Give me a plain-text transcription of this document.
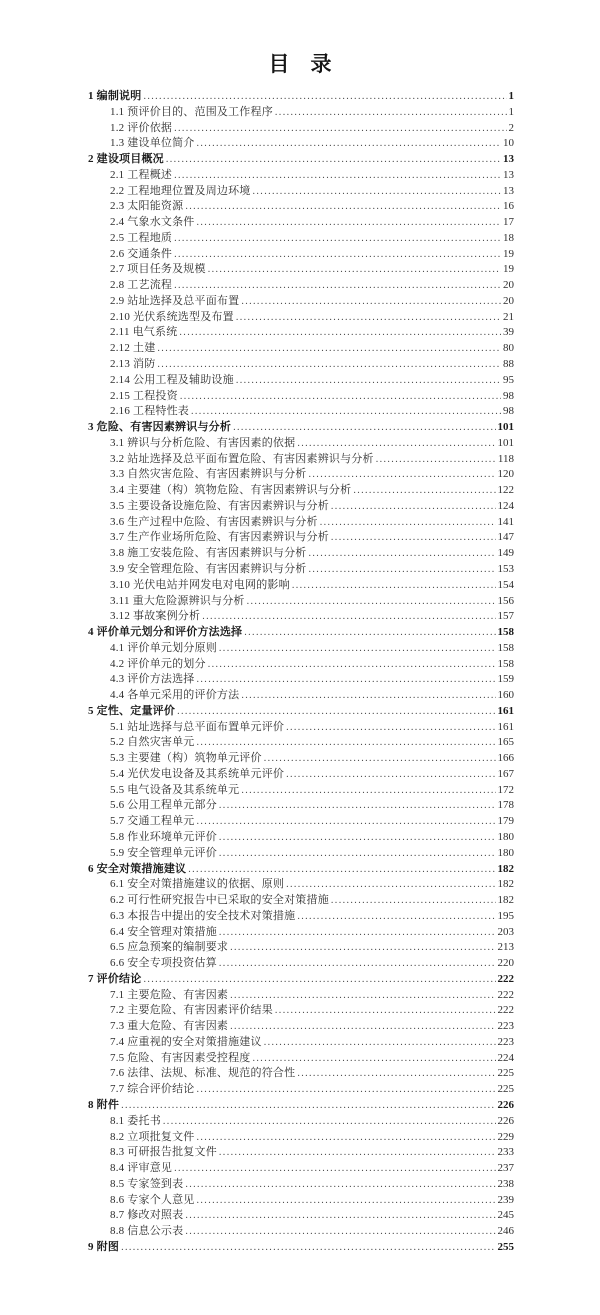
目　录
1 编制说明 .....	1
1.1 预评价目的、范围及工作程序 .....	1
1.2 评价依据 .....	2
1.3 建设单位简介 .....	10
2 建设项目概况 .....	13
2.1 工程概述 .....	13
2.2 工程地理位置及周边环境 .....	13
2.3 太阳能资源 .....	16
2.4 气象水文条件 .....	17
2.5 工程地质 .....	18
2.6 交通条件 .....	19
2.7 项目任务及规模 .....	19
2.8 工艺流程 .....	20
2.9 站址选择及总平面布置 .....	20
2.10 光伏系统选型及布置 .....	21
2.11 电气系统 .....	39
2.12 土建 .....	80
2.13 消防 .....	88
2.14 公用工程及辅助设施 .....	95
2.15 工程投资 .....	98
2.16 工程特性表 .....	98
3 危险、有害因素辨识与分析 .....	101
3.1 辨识与分析危险、有害因素的依据 .....	101
3.2 站址选择及总平面布置危险、有害因素辨识与分析 .....	118
3.3 自然灾害危险、有害因素辨识与分析 .....	120
3.4 主要建（构）筑物危险、有害因素辨识与分析 .....	122
3.5 主要设备设施危险、有害因素辨识与分析 .....	124
3.6 生产过程中危险、有害因素辨识与分析 .....	141
3.7 生产作业场所危险、有害因素辨识与分析 .....	147
3.8 施工安装危险、有害因素辨识与分析 .....	149
3.9 安全管理危险、有害因素辨识与分析 .....	153
3.10 光伏电站并网发电对电网的影响 .....	154
3.11 重大危险源辨识与分析 .....	156
3.12 事故案例分析 .....	157
4 评价单元划分和评价方法选择 .....	158
4.1 评价单元划分原则 .....	158
4.2 评价单元的划分 .....	158
4.3 评价方法选择 .....	159
4.4 各单元采用的评价方法 .....	160
5 定性、定量评价 .....	161
5.1 站址选择与总平面布置单元评价 .....	161
5.2 自然灾害单元 .....	165
5.3 主要建（构）筑物单元评价 .....	166
5.4 光伏发电设备及其系统单元评价 .....	167
5.5 电气设备及其系统单元 .....	172
5.6 公用工程单元部分 .....	178
5.7 交通工程单元 .....	179
5.8 作业环境单元评价 .....	180
5.9 安全管理单元评价 .....	180
6 安全对策措施建议 .....	182
6.1 安全对策措施建议的依据、原则 .....	182
6.2 可行性研究报告中已采取的安全对策措施 .....	182
6.3 本报告中提出的安全技术对策措施 .....	195
6.4 安全管理对策措施 .....	203
6.5 应急预案的编制要求 .....	213
6.6 安全专项投资估算 .....	220
7 评价结论 .....	222
7.1 主要危险、有害因素 .....	222
7.2 主要危险、有害因素评价结果 .....	222
7.3 重大危险、有害因素 .....	223
7.4 应重视的安全对策措施建议 .....	223
7.5 危险、有害因素受控程度 .....	224
7.6 法律、法规、标准、规范的符合性 .....	225
7.7 综合评价结论 .....	225
8 附件 .....	226
8.1 委托书 .....	226
8.2 立项批复文件 .....	229
8.3 可研报告批复文件 .....	233
8.4 评审意见 .....	237
8.5 专家签到表 .....	238
8.6 专家个人意见 .....	239
8.7 修改对照表 .....	245
8.8 信息公示表 .....	246
9 附图 .....	255
